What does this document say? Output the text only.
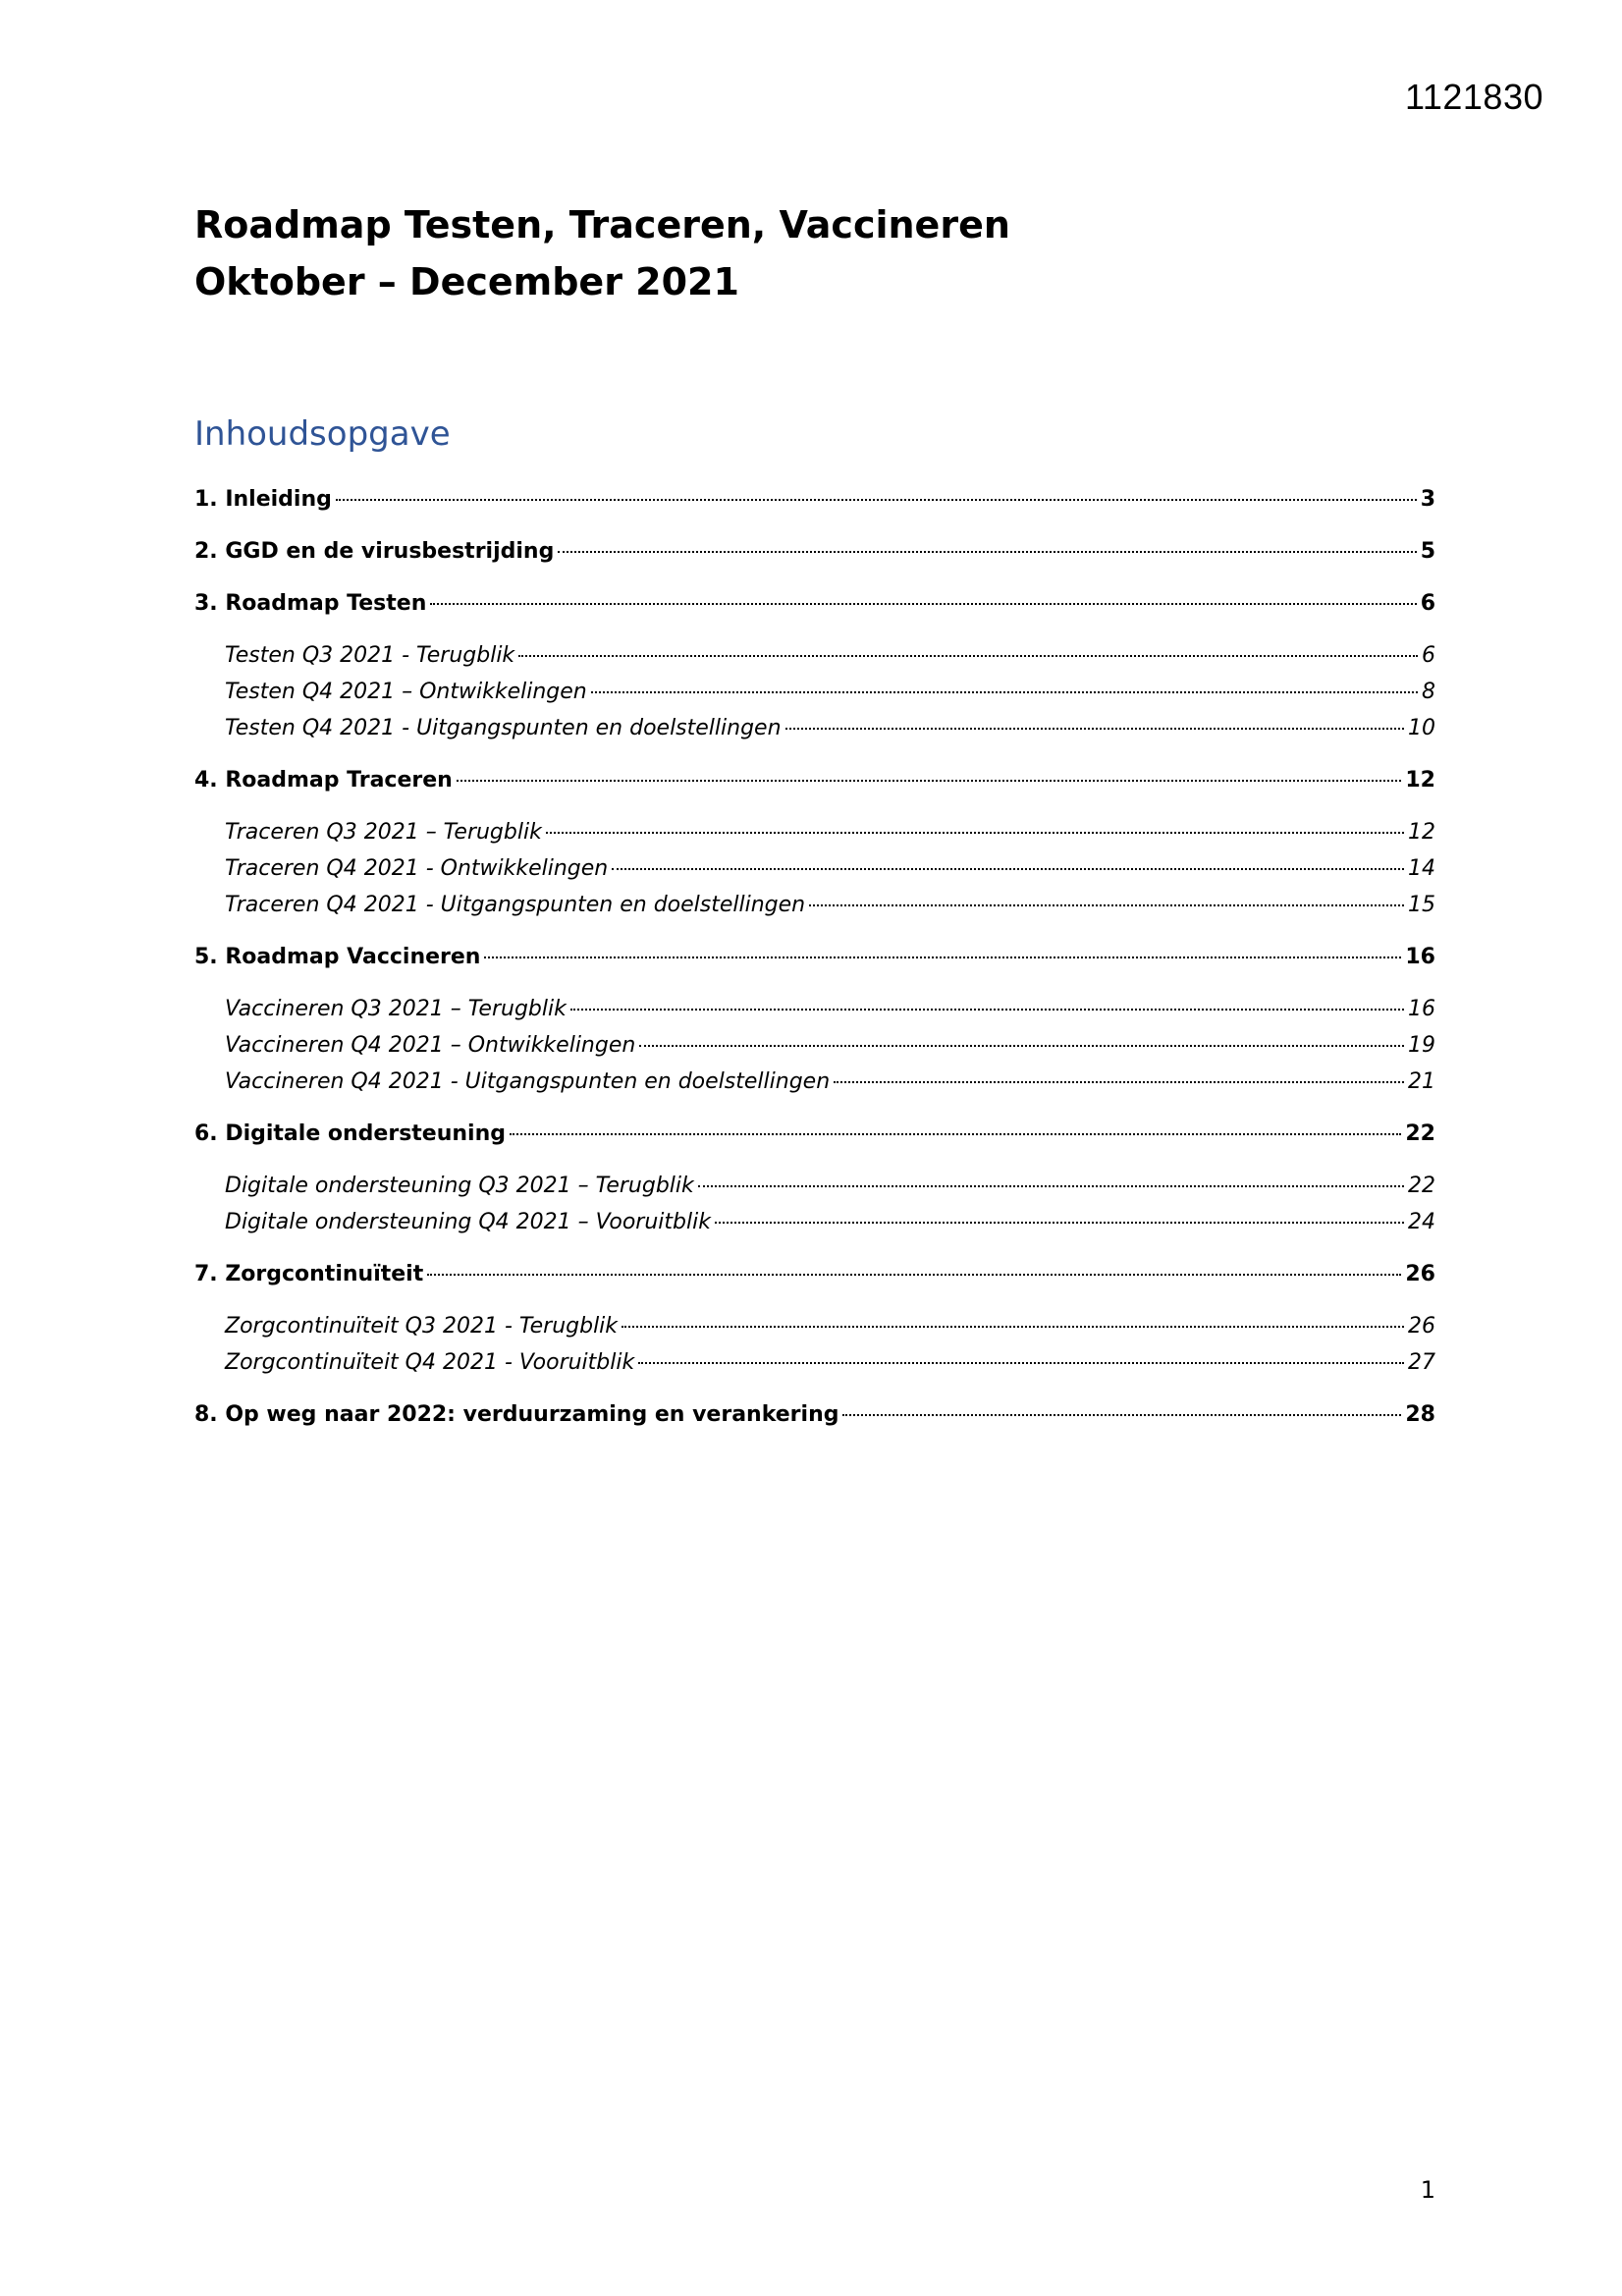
1121830
Roadmap Testen, Traceren, Vaccineren
Oktober – December 2021
Inhoudsopgave
1. Inleiding	3
2. GGD en de virusbestrijding	5
3. Roadmap Testen	6
Testen Q3 2021 - Terugblik	6
Testen Q4 2021 – Ontwikkelingen	8
Testen Q4 2021 - Uitgangspunten en doelstellingen	10
4. Roadmap Traceren	12
Traceren Q3 2021 – Terugblik	12
Traceren Q4 2021 - Ontwikkelingen	14
Traceren Q4 2021 - Uitgangspunten en doelstellingen	15
5. Roadmap Vaccineren	16
Vaccineren Q3 2021 – Terugblik	16
Vaccineren Q4 2021 – Ontwikkelingen	19
Vaccineren Q4 2021 - Uitgangspunten en doelstellingen	21
6. Digitale ondersteuning	22
Digitale ondersteuning Q3 2021 – Terugblik	22
Digitale ondersteuning Q4 2021 – Vooruitblik	24
7. Zorgcontinuïteit	26
Zorgcontinuïteit Q3 2021 - Terugblik	26
Zorgcontinuïteit Q4 2021 - Vooruitblik	27
8. Op weg naar 2022: verduurzaming en verankering	28
1
